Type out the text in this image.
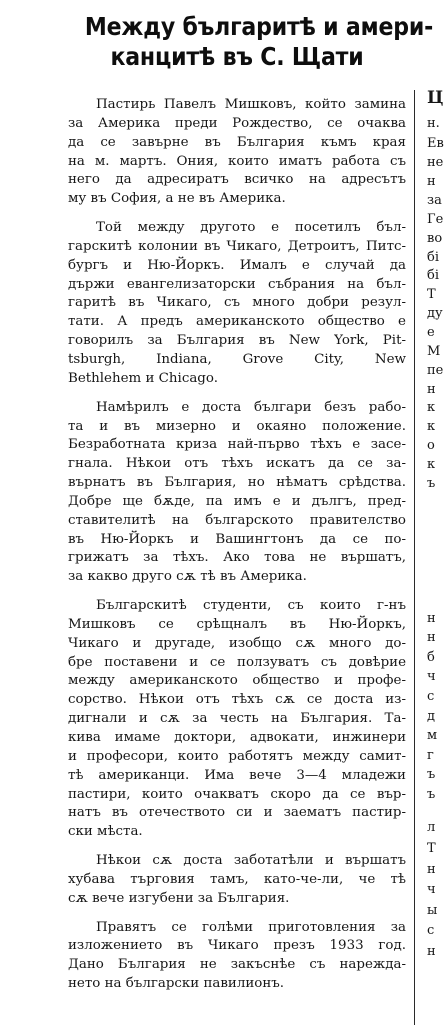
Между българитѣ и амери-
канцитѣ въ С. Щати
Пастирь Павелъ Мишковъ, който замина
за Америка преди Рождество, се очаква
да се завърне въ България къмъ края
на м. мартъ. Ония, които иматъ работа съ
него да адресиратъ всичко на адресътъ
му въ София, а не въ Америка.
Той между другото е посетилъ бъл-
гарскитѣ колонии въ Чикаго, Детроитъ, Питс-
бургъ и Ню-Йоркъ. Ималъ е случай да
държи евангелизаторски събрания на бъл-
гаритѣ въ Чикаго, съ много добри резул-
тати. А предъ американското общество е
говорилъ за България въ New York, Pit-
tsburgh, Indiana, Grove City, New
Bethlehem и Chicago.
Намѣрилъ е доста българи безъ рабо-
та и въ мизерно и окаяно положение.
Безработната криза най-първо тѣхъ е засе-
гнала. Нѣкои отъ тѣхъ искатъ да се за-
върнатъ въ България, но нѣматъ срѣдства.
Добре ще бѫде, па имъ е и дългъ, пред-
ставителитѣ на българското правителство
въ Ню-Йоркъ и Вашингтонъ да се по-
грижатъ за тѣхъ. Ако това не вършатъ,
за какво друго сѫ тѣ въ Америка.
Българскитѣ студенти, съ които г-нъ
Мишковъ се срѣщналъ въ Ню-Йоркъ,
Чикаго и другаде, изобщо сѫ много до-
бре поставени и се ползуватъ съ довѣрие
между американското общество и профе-
сорство. Нѣкои отъ тѣхъ сѫ се доста из-
дигнали и сѫ за честь на България. Та-
кива имаме доктори, адвокати, инжинери
и професори, които работятъ между самит-
тѣ американци. Има вече 3—4 младежи
пастири, които очакватъ скоро да се вър-
натъ въ отечеството си и заематъ пастир-
ски мѣста.
Нѣкои сѫ доста заботатѣли и вършатъ
хубава търговия тамъ, като-че-ли, че тѣ
сѫ вече изгубени за България.
Правятъ се голѣми приготовления за
изложението въ Чикаго презъ 1933 год.
Дано България не закъснѣе съ нарежда-
нето на български павилионъ.
Ц
н.
Ев
не
н
за
Ге
во
бі
бі
Т
ду
е
М
пе
н
к
к
о
к
ъ
н
н
б
ч
с
д
м
г
ъ
ъ
л
Т
н
ч
ы
с
н
